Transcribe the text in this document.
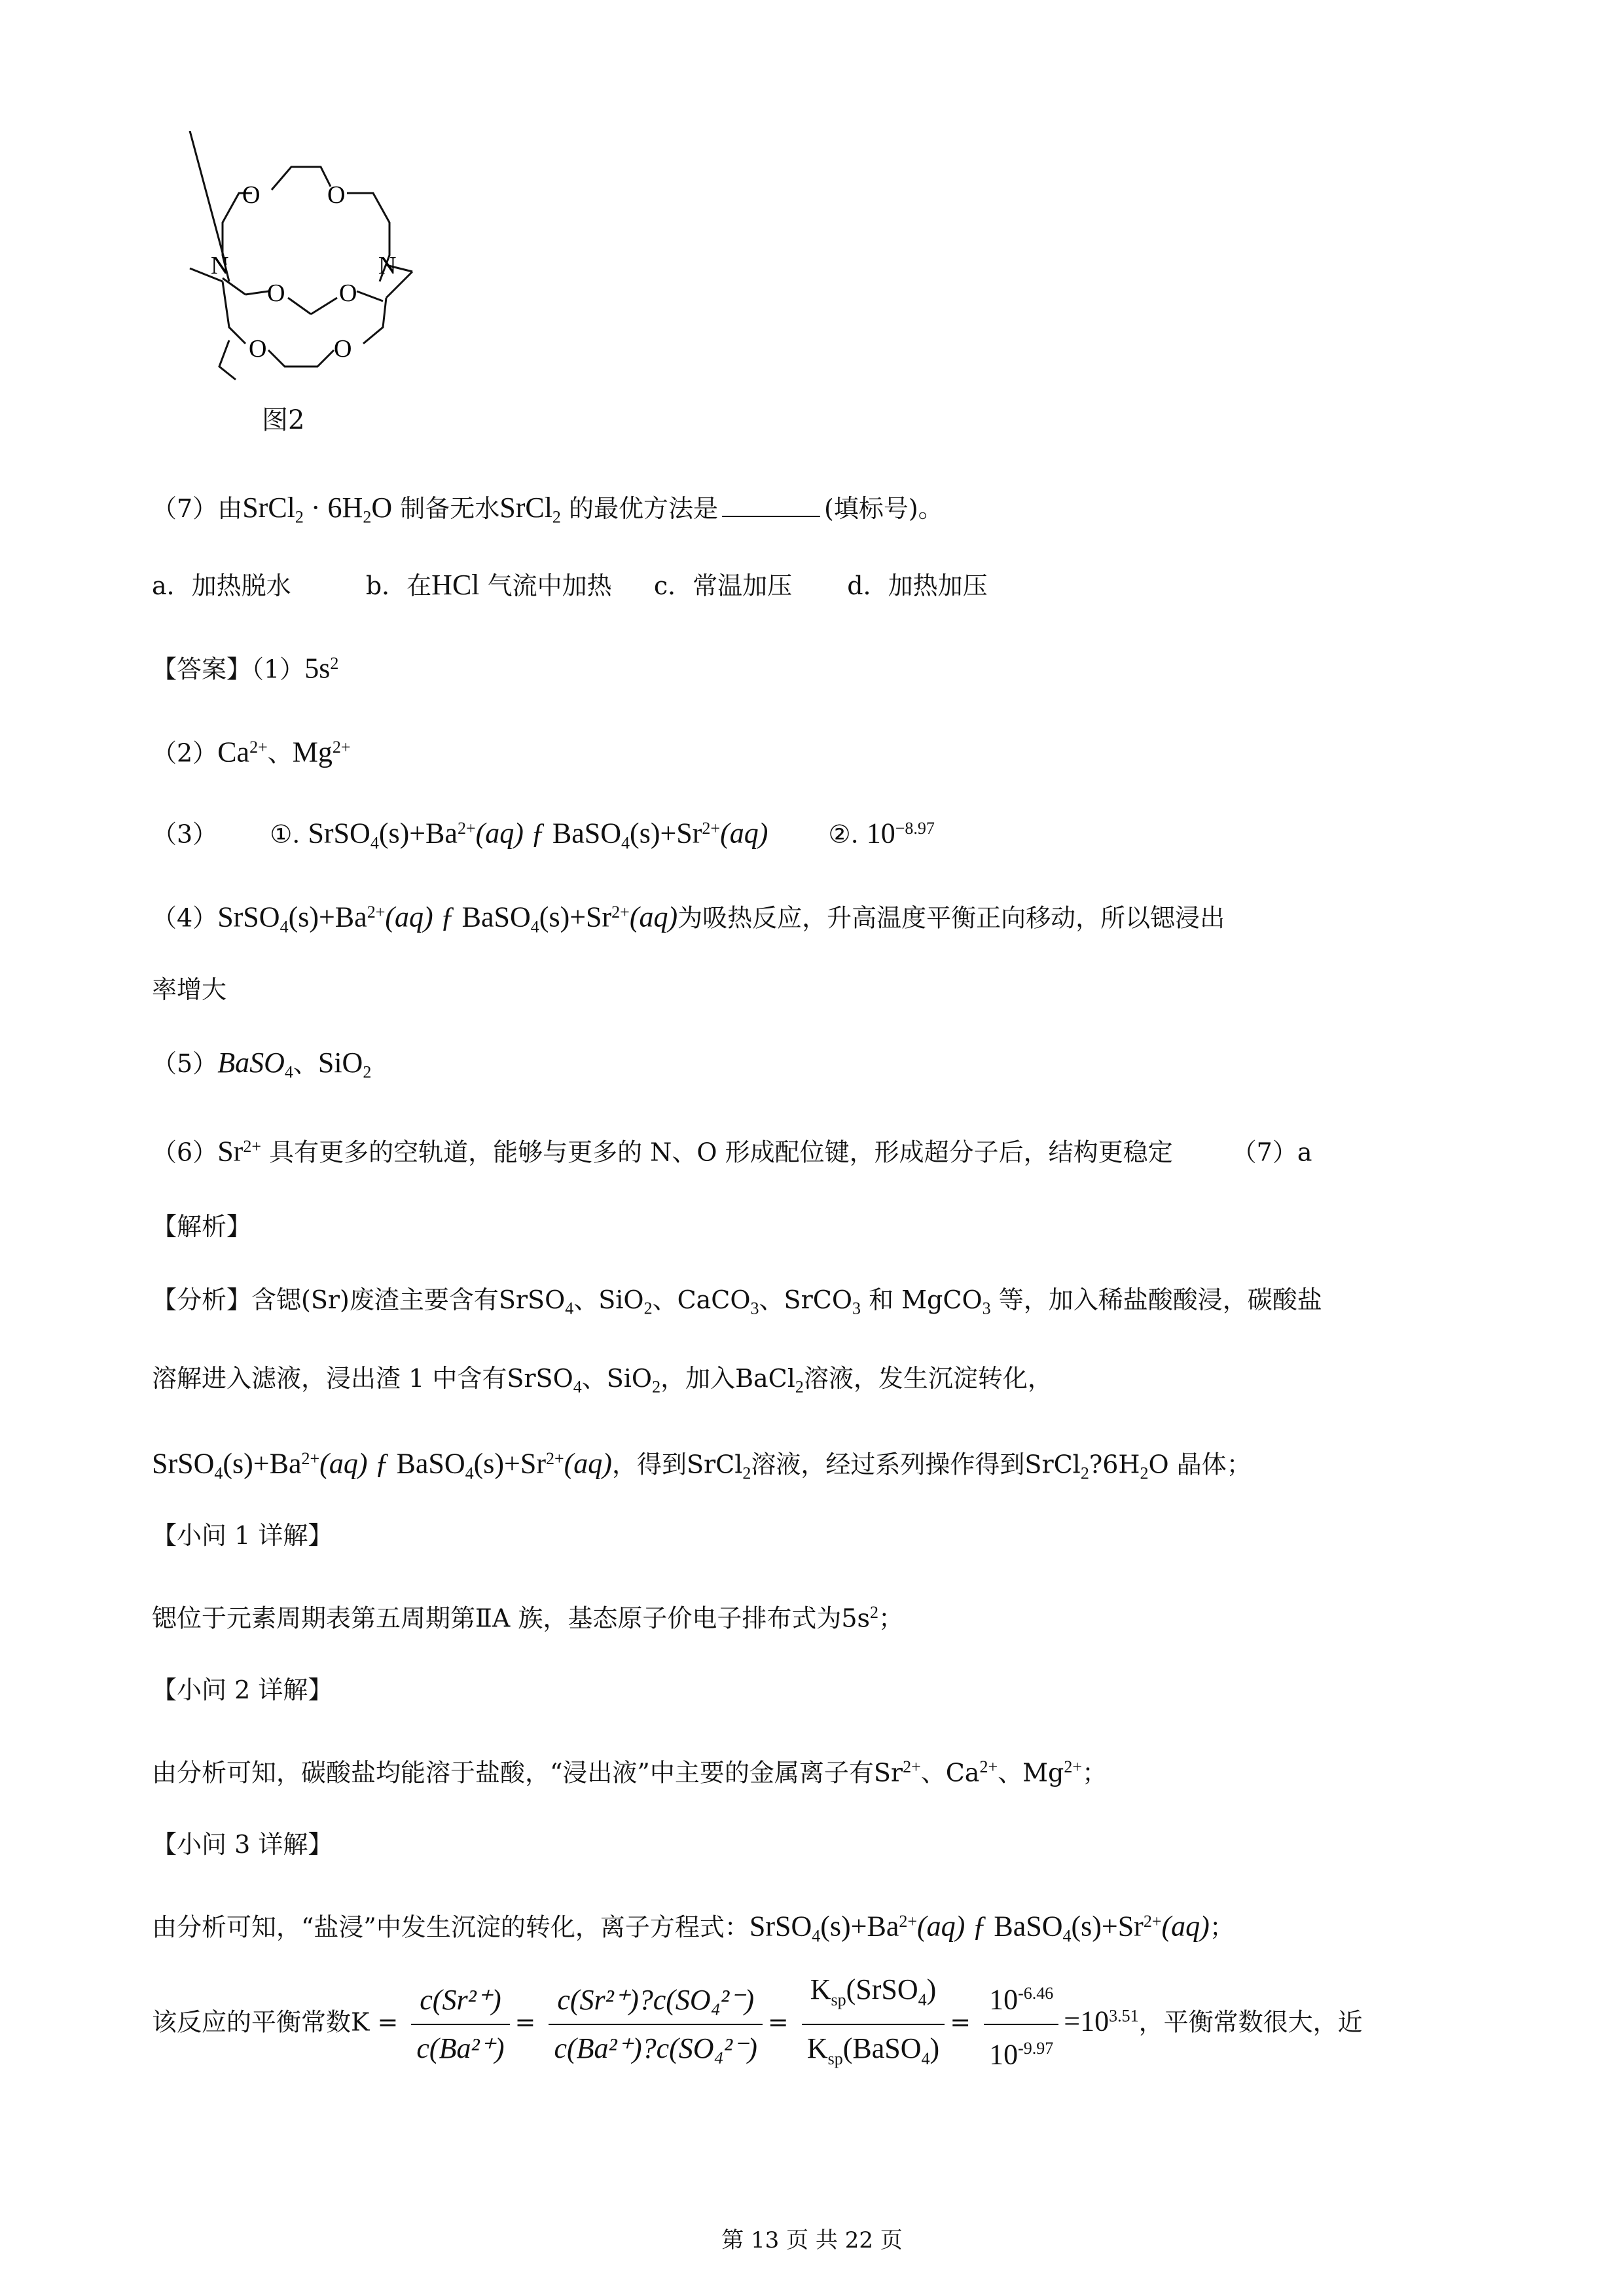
O	O
N	N
O O
O	O
图2
（7）由SrCl$_2$ · $6H_2O$ 制备无水SrCl$_2$ 的最优方法是	(填标号)。
a．加热脱水	b．在HCl 气流中加热 c．常温加压 d．加热加压
【答案】$(1)5s^2$
$(2)Ca^{2+}$、$Mg^{2+}$
（3） ①. $SrSO_4(s)+Ba^{2+}(aq)$ ƒ $BaSO_4(s)+Sr^{2+}(aq)$ ②. $10^{-8.97}$
$(4)SrSO_4(s)+Ba^{2+}(aq)$ ƒ $BaSO_4(s)+Sr^{2+}(aq)$为吸热反应，升高温度平衡正向移动，所以锶浸出
率增大
（5）BaSO$_4$、SiO$_2$
$(6)Sr^{2+}$ 具有更多的空轨道，能够与更多的 N、O 形成配位键，形成超分子后，结构更稳定 （7）a
【解析】
【分析】含锶(Sr)废渣主要含有SrSO$_4$、SiO$_2$、CaCO$_3$、SrCO$_3$ 和 MgCO$_3$ 等，加入稀盐酸酸浸，碳酸盐
溶解进入滤液，浸出渣 1 中含有SrSO$_4$、SiO$_2$，加入BaCl$_2$溶液，发生沉淀转化，
$SrSO_4(s)+Ba^{2+}(aq)$ ƒ $BaSO_4(s)+Sr^{2+}(aq)$，得到SrCl$_2$溶液，经过系列操作得到$SrCl_2?6H_2O$ 晶体；
【小问 1 详解】
锶位于元素周期表第五周期第ⅡA 族，基态原子价电子排布式为$5s^2$；
【小问 2 详解】
由分析可知，碳酸盐均能溶于盐酸，“浸出液”中主要的金属离子有$Sr^{2+}$、$Ca^{2+}$、$Mg^{2+}$；
【小问 3 详解】
由分析可知，“盐浸”中发生沉淀的转化，离子方程式：$SrSO_4(s)+Ba^{2+}(aq)$ ƒ $BaSO_4(s)+Sr^{2+}(aq)$；
该反应的平衡常数$K = \frac{\text{c(Sr²⁺)}}{\text{c(Ba²⁺)}} = \frac{\text{c(Sr²⁺)?c(SO₄²⁻)}}{\text{c(Ba²⁺)?c(SO₄²⁻)}} = \frac{K_{sp}(SrSO_4)}{K_{sp}(BaSO_4)} = \frac{10^{-6.46}}{10^{-9.97}} =10^{3.51}$，平衡常数很大，近
第 13 页 共 22 页
